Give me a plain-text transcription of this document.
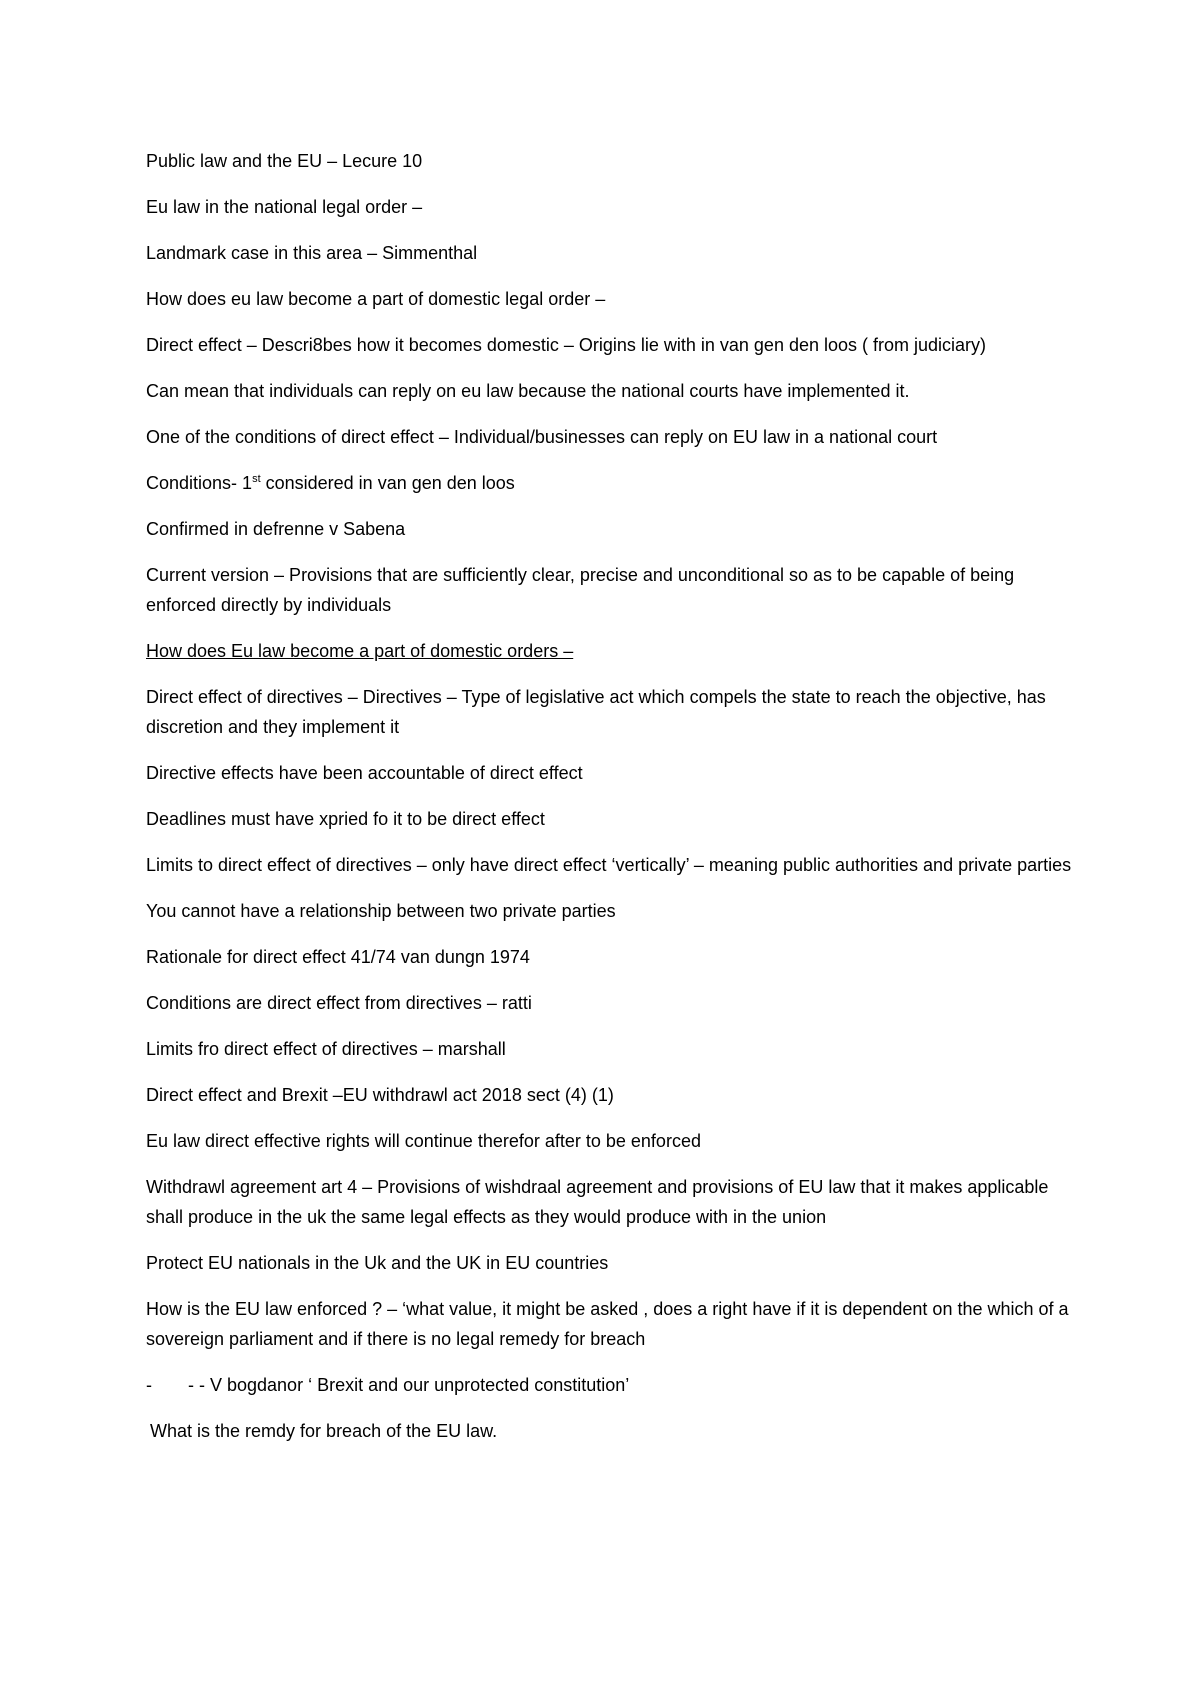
Public law and the EU – Lecure 10

Eu law in the national legal order –

Landmark case in this area – Simmenthal

How does eu law become a part of domestic legal order –

Direct effect – Descri8bes how it becomes domestic – Origins lie with in van gen den loos ( from judiciary)

Can mean that individuals can reply on eu law because the national courts have implemented it.

One of the conditions of direct effect – Individual/businesses can reply on EU law in a national court

Conditions- 1st considered in van gen den loos

Confirmed in defrenne v Sabena

Current version – Provisions that are sufficiently clear, precise and unconditional so as to be capable of being enforced directly by individuals

How does Eu law become a part of domestic orders –

Direct effect of directives – Directives – Type of legislative act which compels the state to reach the objective, has discretion and they implement it

Directive effects have been accountable of direct effect

Deadlines must have xpried fo it to be direct effect

Limits to direct effect of directives – only have direct effect ‘vertically’ – meaning public authorities and private parties

You cannot have a relationship between two private parties

Rationale for direct effect 41/74 van dungn 1974

Conditions are direct effect from directives – ratti

Limits fro direct effect of directives – marshall

Direct effect and Brexit –EU withdrawl act 2018 sect (4) (1)

Eu law direct effective rights will continue therefor after to be enforced

Withdrawl agreement art 4 – Provisions of wishdraal agreement and provisions of EU law that it makes applicable shall produce in the uk the same legal effects as they would produce with in the union

Protect EU nationals in the Uk and the UK in EU countries

How is the EU law enforced ? – ‘what value, it might be asked , does a right have if it is dependent on the which of a sovereign parliament and if there is no legal remedy for breach

-	- - V bogdanor ‘ Brexit and our unprotected constitution’

What is the remdy for breach of the EU law.
